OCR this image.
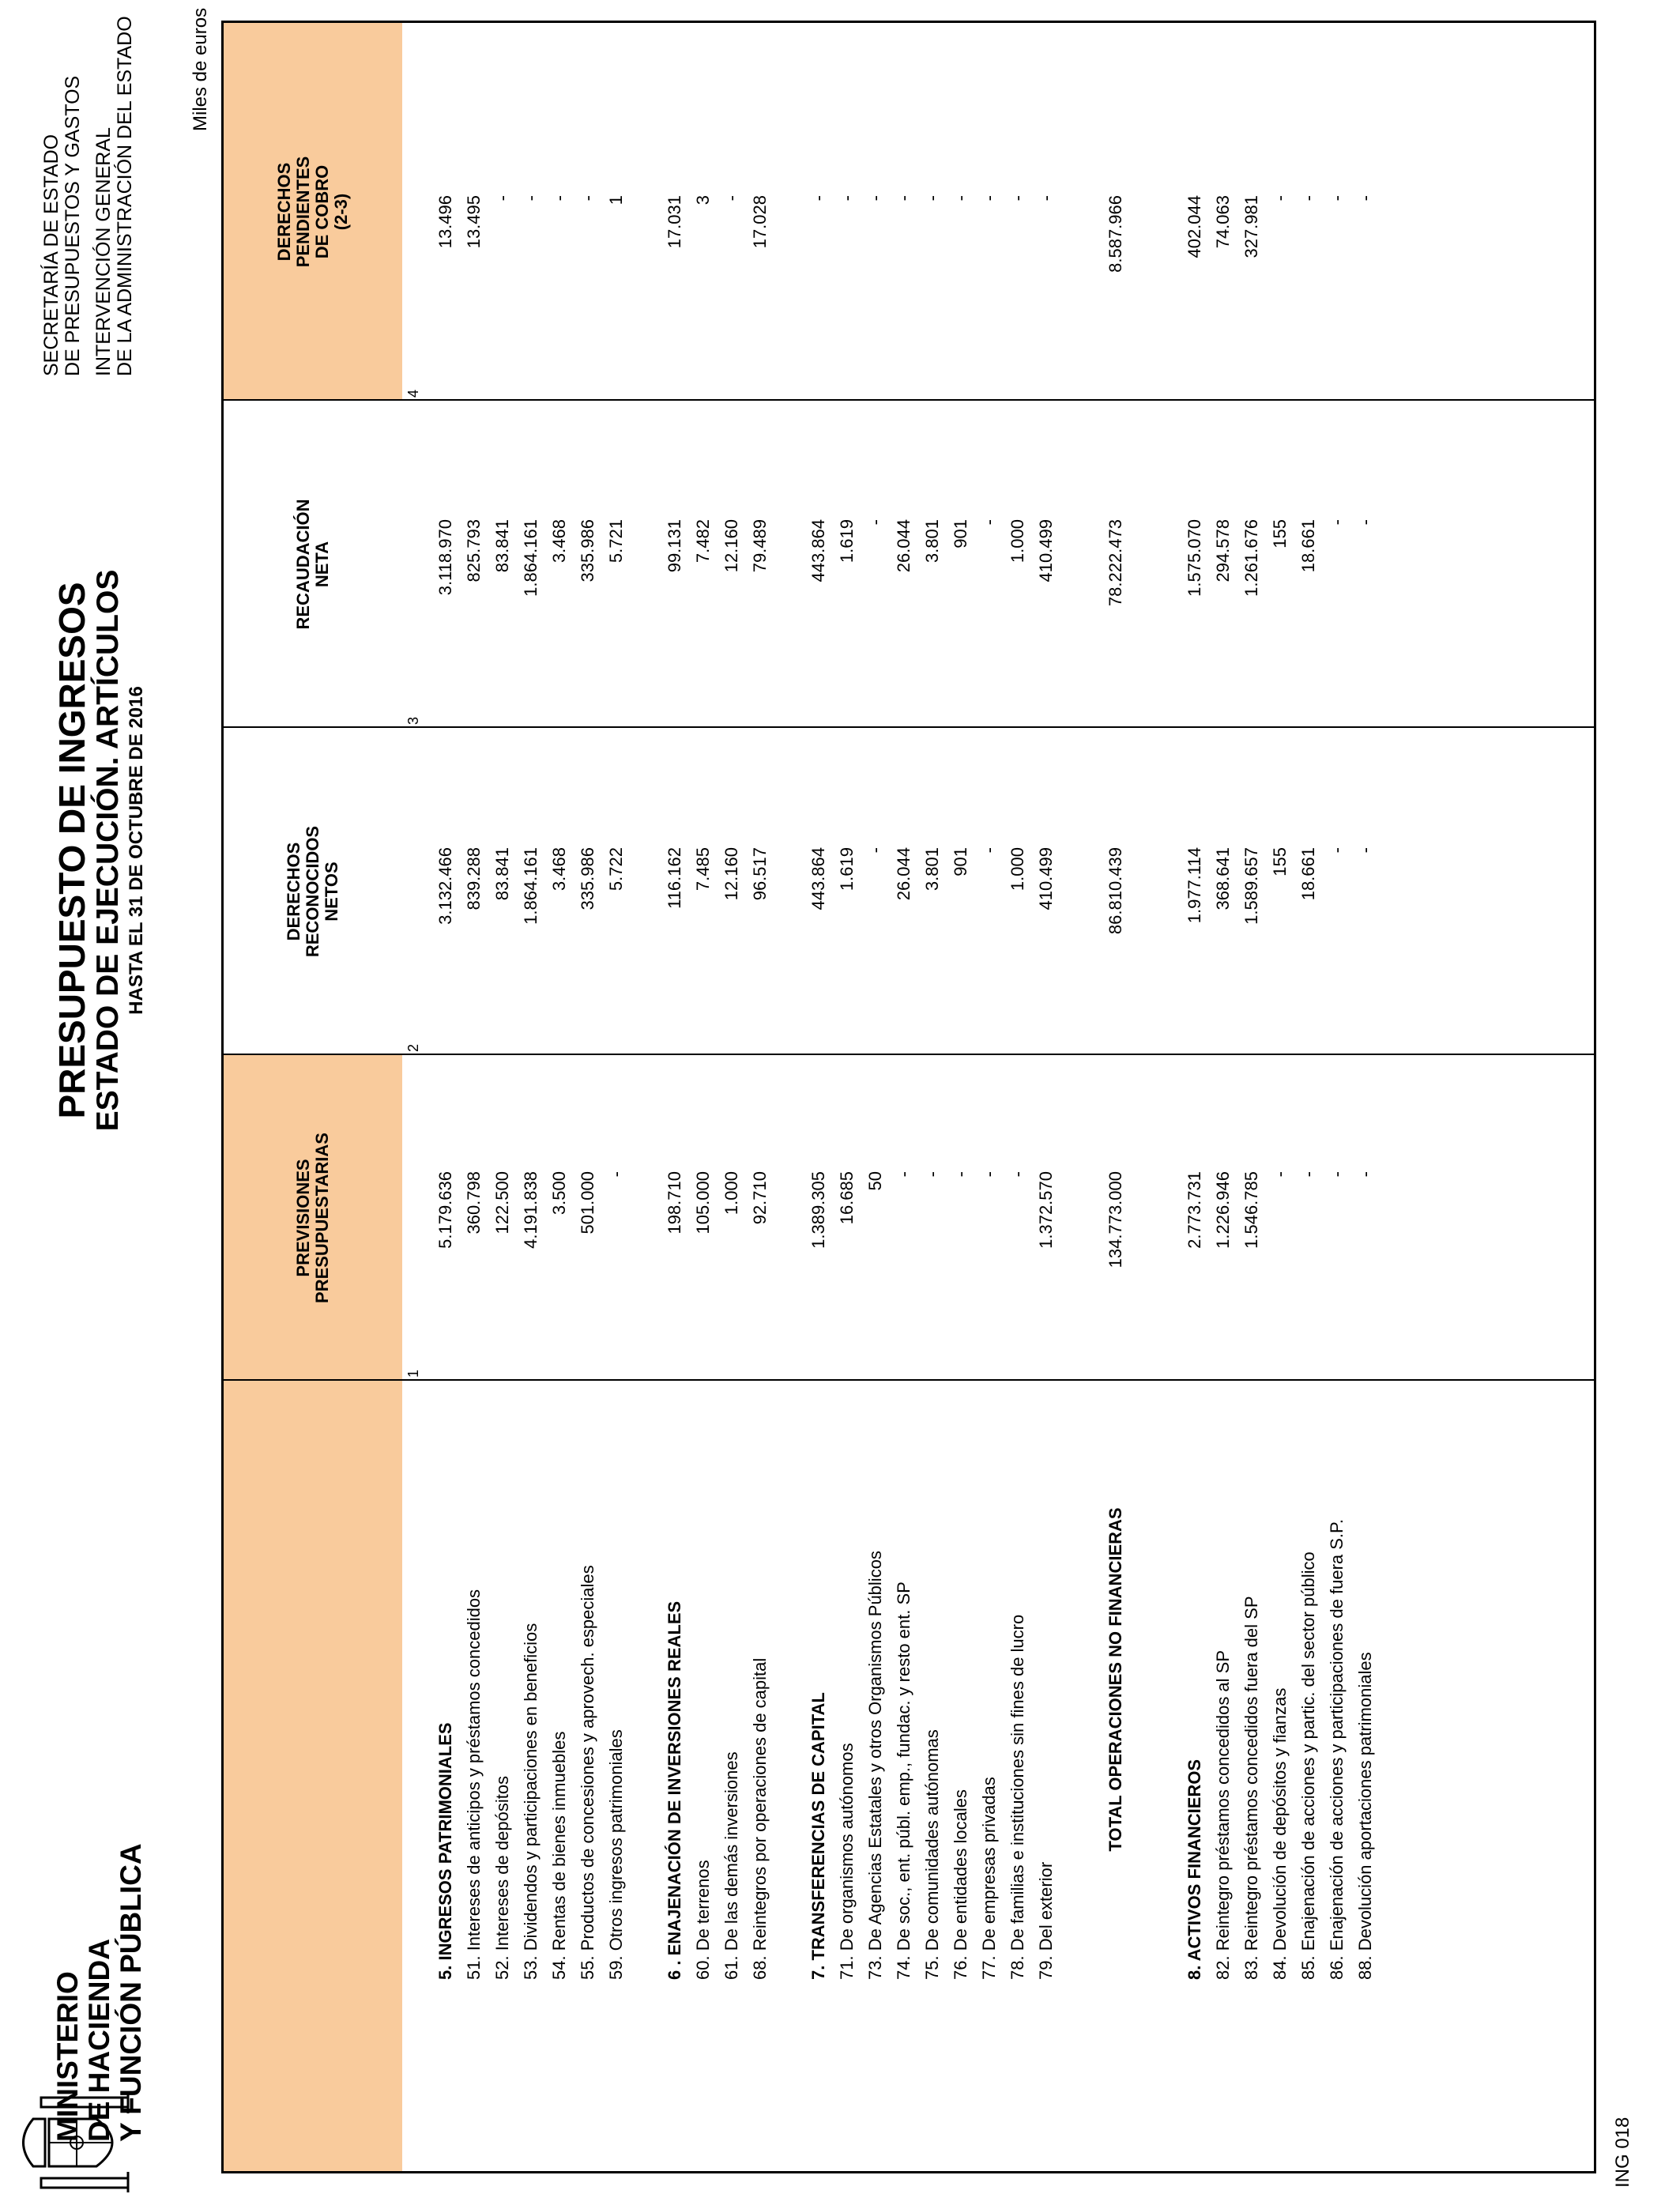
MINISTERIO DE HACIENDA Y FUNCIÓN PÚBLICA
PRESUPUESTO DE INGRESOS
ESTADO DE EJECUCIÓN. ARTÍCULOS HASTA EL 31 DE OCTUBRE DE 2016
SECRETARÍA DE ESTADO DE PRESUPUESTOS Y GASTOS INTERVENCIÓN GENERAL DE LA ADMINISTRACIÓN DEL ESTADO	Miles de euros
ING 018
PREVISIONES PRESUPUESTARIAS
DERECHOS RECONOCIDOS NETOS
RECAUDACIÓN NETA
DERECHOS PENDIENTES DE COBRO (2-3)
1
2
3
4
5. INGRESOS PATRIMONIALES
5.179.636
3.132.466
3.118.970
13.496
51. Intereses de anticipos y préstamos concedidos
360.798
839.288
825.793
13.495
52. Intereses de depósitos
122.500
83.841
83.841
-
53. Dividendos y participaciones en beneficios
4.191.838
1.864.161
1.864.161
-
54. Rentas de bienes inmuebles
3.500
3.468
3.468
-
55. Productos de concesiones y aprovech. especiales
501.000
335.986
335.986
-
59. Otros ingresos patrimoniales
-
5.722
5.721
1
6 . ENAJENACIÓN DE INVERSIONES REALES
198.710
116.162
99.131
17.031
60. De terrenos
105.000
7.485
7.482
3
61. De las demás inversiones
1.000
12.160
12.160
-
68. Reintegros por operaciones de capital
92.710
96.517
79.489
17.028
7. TRANSFERENCIAS DE CAPITAL
1.389.305
443.864
443.864
-
71. De organismos autónomos
16.685
1.619
1.619
-
73. De Agencias Estatales y otros Organismos Públicos
50
-
-
-
74. De soc., ent. públ. emp., fundac. y resto ent. SP
-
26.044
26.044
-
75. De comunidades autónomas
-
3.801
3.801
-
76. De entidades locales
-
901
901
-
77. De empresas privadas
-
-
-
-
78. De familias e instituciones sin fines de lucro
-
1.000
1.000
-
79. Del exterior
1.372.570
410.499
410.499
-
TOTAL OPERACIONES NO FINANCIERAS
134.773.000
86.810.439
78.222.473
8.587.966
8. ACTIVOS FINANCIEROS
2.773.731
1.977.114
1.575.070
402.044
82. Reintegro préstamos concedidos al SP
1.226.946
368.641
294.578
74.063
83. Reintegro préstamos concedidos fuera del SP
1.546.785
1.589.657
1.261.676
327.981
84. Devolución de depósitos y fianzas
-
155
155
-
85. Enajenación de acciones y partic. del sector público
-
18.661
18.661
-
86. Enajenación de acciones y participaciones de fuera S.P.
-
-
-
-
88. Devolución aportaciones patrimoniales
-
-
-
-
